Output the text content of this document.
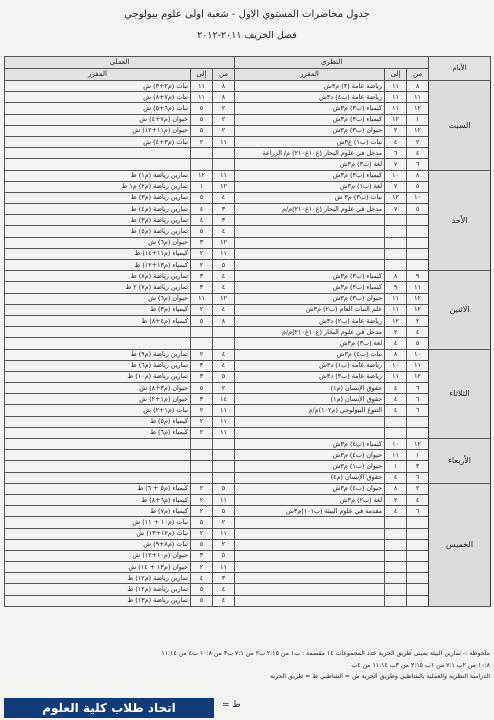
جدول محاضرات المستوي الاول - شعبة اولى علوم بيولوجي
فصل الخريف ٢٠١١-٢٠١٢
الأيام	النظري			العملي		
	من	إلى	المقرر	من	إلى	المقرر
السبت	٨	١١	رياضة عامة (٣) م٣ش	٨	١١	نبات (م٢+٣) ش
	١١	١١	رياضة عامة (ب٤) د٣ش	٨	١١	نبات (م٧+٨) ش
	١٢	١١	كيمياء (ب٣) م٣ش	٢	٥	نبات (م٦+٥) ش
	١	١٢	كيمياء (ب٣) م٣ش	٢	٥	حيوان (م٧+٤) ش
	١٢	٢	حيوان (ب٣) م٣ش	٢	٥	حيوان (م١١+١٢) ش
	٢	٤	نبات (ب١) ع٣ش	١١	٢	نبات (م٣+٤) ش
	٤	٦	مدخل في علوم البحار (ع١٠ع٢١٠) م/ الزراعة			
	٦	٧	لغة (ب٣) م٣ش			
الأحد	٨	١٠	كيمياء (ب٣) م٣ش	١١	١٢	تمارين رياضة (م١) ط
	٥	٧	لغة (ب١) م٣ش	١٢	١	تمارين رياضة (م٢) م١ ط
	١٠	١٢	نبات (ب٣) م٣ ش	٤	٥	تمارين رياضة (م٣) ط
	٥	٧	مدخل في علوم البحار (ع١٠ع٢١٠)م/م	٣	٤	تمارين رياضة (م٤) ط
				٣	٤	تمارين رياضة (م٣) ط
				٤	٥	تمارين رياضة (م٥) ط
				١٢	٣	حيوان (م٦) ش
				١١	٢	كيمياء (م١١+١٤) ط
				٥	٢	كيمياء (م١٣+١٢) ط
الاثنين	٩	٨	كيمياء (ب٣) م٣ش	٤	٣	تمارين رياضة (م٨) ط
	١١	٩	كيمياء (ب٣) م٣ش	٤	٣	تمارين رياضة (م٧) ٢ ط
	١٢	١١	حيوان (ب٣) م٣ش	١٢	١١	حيوان (م٦) ش
	١٢	١١	علم النبات العام (ب٢) م٣ش	٤	٢	كيمياء (م٣) ط
	٢	١٢	رياضة عامة (ب٢) د٣ش	٨	٥	كيمياء (م٤+٨) ط
	٤	٢	مدخل في علوم البحار (ع١٠ع٢١٠)م/م			
	٥	٤	لغة (ب٣) م٣ش			
الثلاثاء	١٠	٨	نبات (ب٤) م٣ش	٤	٢	تمارين رياضة (م٩) ط
	١١	١٠	رياضة عامة (ب١) د٣ش	٤	٣	تمارين رياضة (م٦) ط
	١٢	١١	رياضة عامة (ب٣) د٣ش	٥	٣	تمارين رياضة (م١٠) ط
	٦	٤	حقوق الإنسان (م١)	٢	٥	حيوان (م٣+٨) ش
	٦	٤	حقوق الإنسان (م١)	١٤	٣	حيوان (م١+٢) ش
	٦	٤	التنوع البيولوجي (م١٠٢)م/م	١١	٢	نبات (م١+٢) ش
				١١	٢	كيمياء (م٥) ط
				١١	٢	كيمياء (م٦) ط
الأربعاء	١٢	١٠	كيمياء (ب٤) م٣ش			
	١	١١	حيوان (ب٤) م٣ش			
	٣	١	حيوان (ب١) م٣ش			
	٦	٤	حقوق الإنسان (م٤)			
الخميس	٢	٨	حيوان (ب٤) م٣ش	٥	٢	كيمياء (م٥ + ٦) ط
	٤	٢	لغة (ب٢) م٣ش	١١	٢	كيمياء (م٦+٨) ط
	٦	٤	مقدمة في علوم البيئة (ب١٠١)م٣ش	٥	٢	كيمياء (م٧) ط
				٢	٥	نبات (م١٠ + ١١) ش
				١١	٢	نبات (م١٢+١٣) ش
				٢	٥	نبات (م٨+٩) ش
				٥	٣	حيوان (م١٠+١٢) ش
				١١	٢	حيوان (م١٣ + ١٤) ش
				٣	٤	تمارين رياضة (م١٢) ط
				٤	٥	تمارين رياضة (م١٢) ط
				٤	٥	تمارين رياضة (م١٣) ط
ملحوظة :- تمارين البيئة بمبنى طريق الحرية عدد المجموعات ١٤ مقسمة : ب١ من ٢:١٥ ب٢ من ٧:١ ب٣ من ١٠:٨ ب٤ من ١١:١٤
١٠:٨ من ٢ب ٧:١ من ١ب ٢:١٥ من ٣ب ١١:١٤ من ٤ب
الدراسة النظرية والعملية بالشاطبي وطريق الحرية ش = الشاطبي ط = طريق الحرية
اتحاد طلاب كلية العلوم	ط =
